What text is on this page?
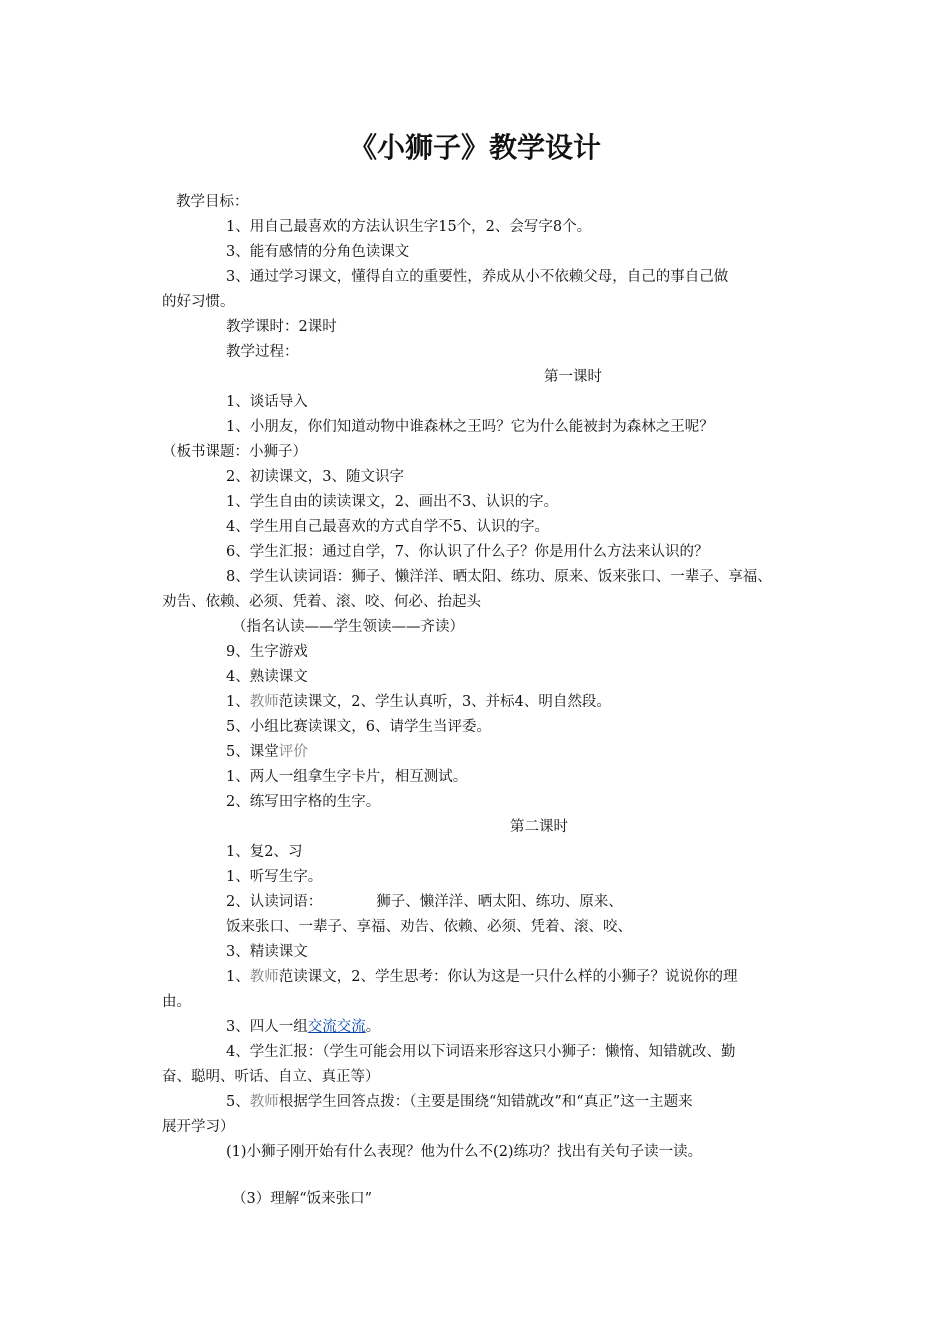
《小狮子》教学设计
教学目标：
1、用自己最喜欢的方法认识生字15个，2、会写字8个。
3、能有感情的分角色读课文
3、通过学习课文，懂得自立的重要性，养成从小不依赖父母，自己的事自己做
的好习惯。
教学课时：2课时
教学过程：
第一课时
1、谈话导入
1、小朋友，你们知道动物中谁森林之王吗？它为什么能被封为森林之王呢？
（板书课题：小狮子）
2、初读课文，3、随文识字
1、学生自由的读读课文，2、画出不3、认识的字。
4、学生用自己最喜欢的方式自学不5、认识的字。
6、学生汇报：通过自学，7、你认识了什么子？你是用什么方法来认识的？
8、学生认读词语：狮子、懒洋洋、晒太阳、练功、原来、饭来张口、一辈子、享福、
劝告、依赖、必须、凭着、滚、咬、何必、抬起头
（指名认读——学生领读——齐读）
9、生字游戏
4、熟读课文
1、教师范读课文，2、学生认真听，3、并标4、明自然段。
5、小组比赛读课文，6、请学生当评委。
5、课堂评价
1、两人一组拿生字卡片，相互测试。
2、练写田字格的生字。
第二课时
1、复2、习
1、听写生字。
2、认读词语：	狮子、懒洋洋、晒太阳、练功、原来、
饭来张口、一辈子、享福、劝告、依赖、必须、凭着、滚、咬、
3、精读课文
1、教师范读课文，2、学生思考：你认为这是一只什么样的小狮子？说说你的理
由。
3、四人一组交流交流。
4、学生汇报：（学生可能会用以下词语来形容这只小狮子：懒惰、知错就改、勤
奋、聪明、听话、自立、真正等）
5、教师根据学生回答点拨：（主要是围绕“知错就改”和“真正”这一主题来
展开学习）
(1)小狮子刚开始有什么表现？他为什么不(2)练功？找出有关句子读一读。
（3）理解“饭来张口”
